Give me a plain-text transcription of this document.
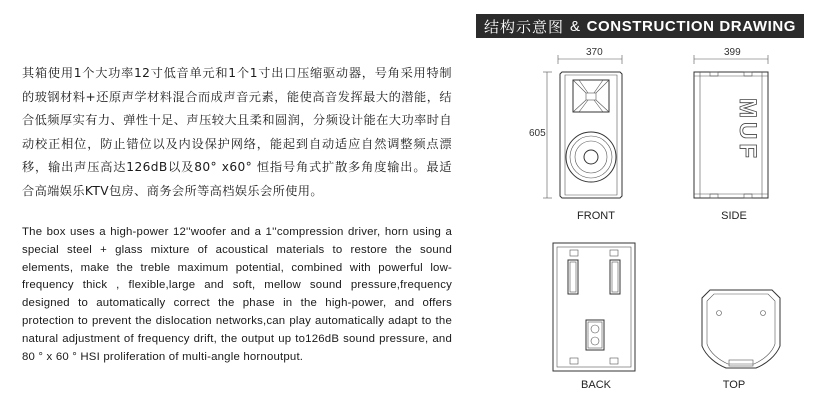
其箱使用1个大功率12寸低音单元和1个1寸出口压缩驱动器，号角采用特制的玻钢材料+还原声学材料混合而成声音元素，能使高音发挥最大的潜能，结合低频厚实有力、弹性十足、声压较大且柔和圆润，分频设计能在大功率时自动校正相位，防止错位以及内设保护网络，能起到自动适应自然调整频点漂移，输出声压高达126dB以及80° x60° 恒指号角式扩散多角度输出。最适合高端娱乐KTV包房、商务会所等高档娱乐会所使用。

The box uses a high-power 12''woofer and a 1''compression driver, horn using a special steel + glass mixture of acoustical materials to restore the sound elements, make the treble maximum potential, combined with powerful low-frequency thick , flexible,large and soft, mellow sound pressure,frequency designed to automatically correct the phase in the high-power, and offers protection to prevent the dislocation networks,can play automatically adapt to the natural adjustment of frequency drift, the output up to126dB sound pressure, and 80 ° x 60 ° HSI proliferation of multi-angle hornoutput.

结构示意图 & CONSTRUCTION DRAWING
370
605
FRONT
MUF
399
SIDE
BACK	TOP
